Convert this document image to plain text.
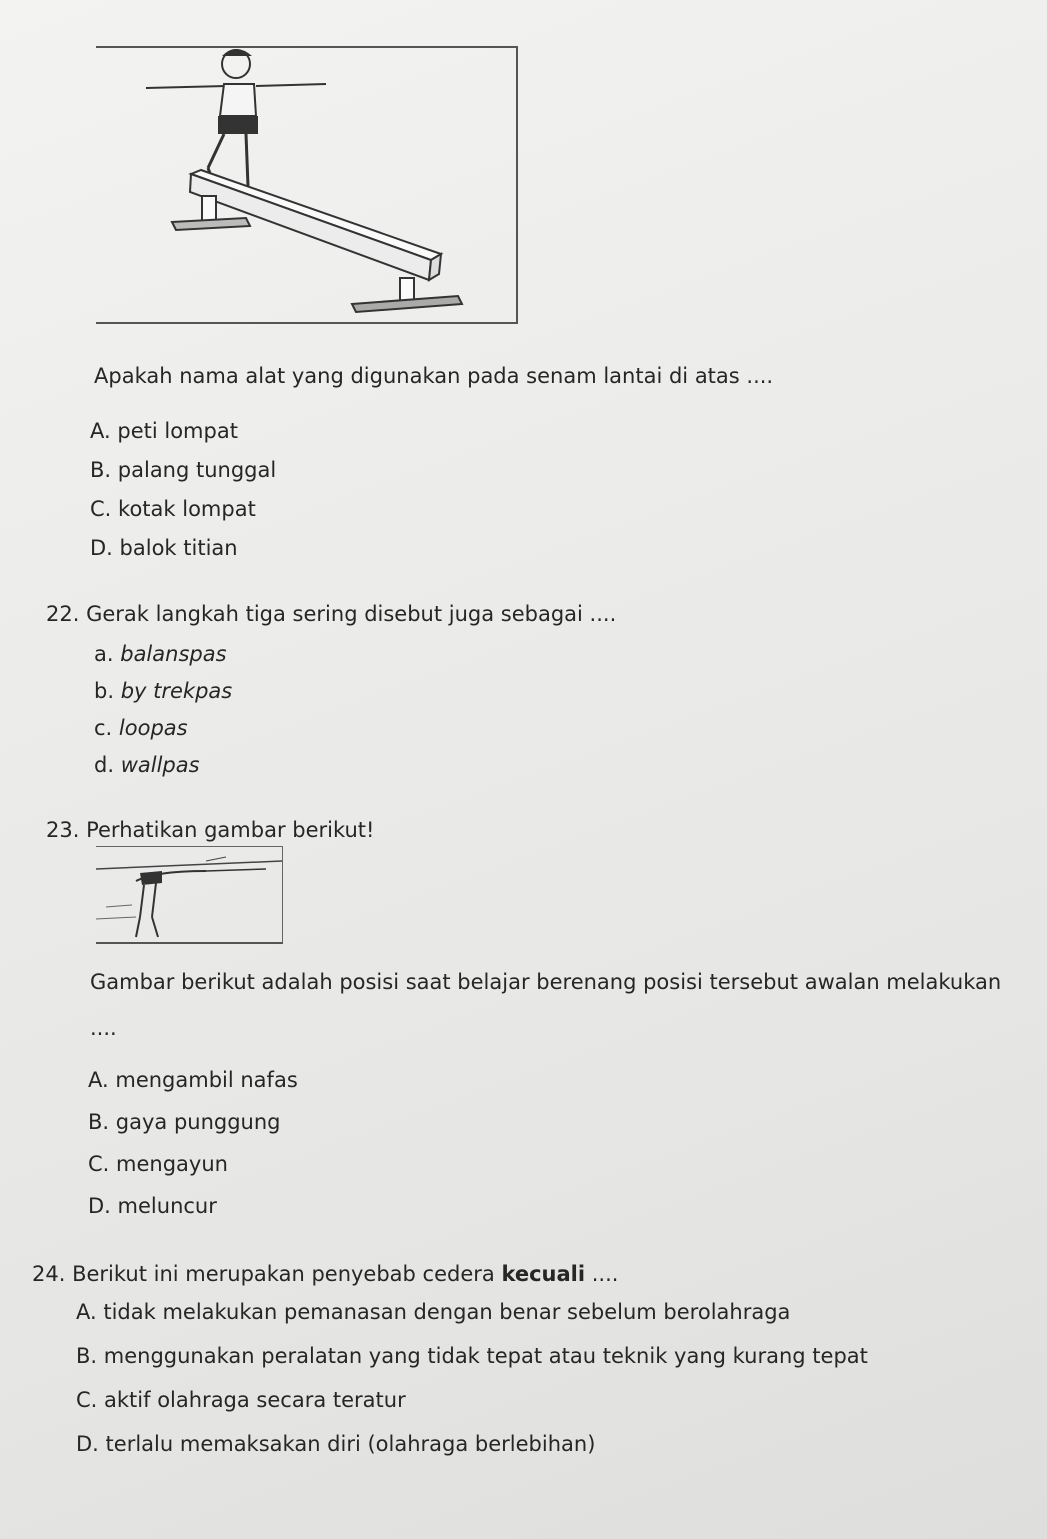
Apakah nama alat yang digunakan pada senam lantai di atas ....
A. peti lompat
B. palang tunggal
C. kotak lompat
D. balok titian
22. Gerak langkah tiga sering disebut juga sebagai ....
a. balanspas
b. by trekpas
c. loopas
d. wallpas
23. Perhatikan gambar berikut!
Gambar berikut adalah posisi saat belajar berenang posisi tersebut awalan melakukan
....
A. mengambil nafas
B. gaya punggung
C. mengayun
D. meluncur
24. Berikut ini merupakan penyebab cedera kecuali ....
A. tidak melakukan pemanasan dengan benar sebelum berolahraga
B. menggunakan peralatan yang tidak tepat atau teknik yang kurang tepat
C. aktif olahraga secara teratur
D. terlalu memaksakan diri (olahraga berlebihan)
